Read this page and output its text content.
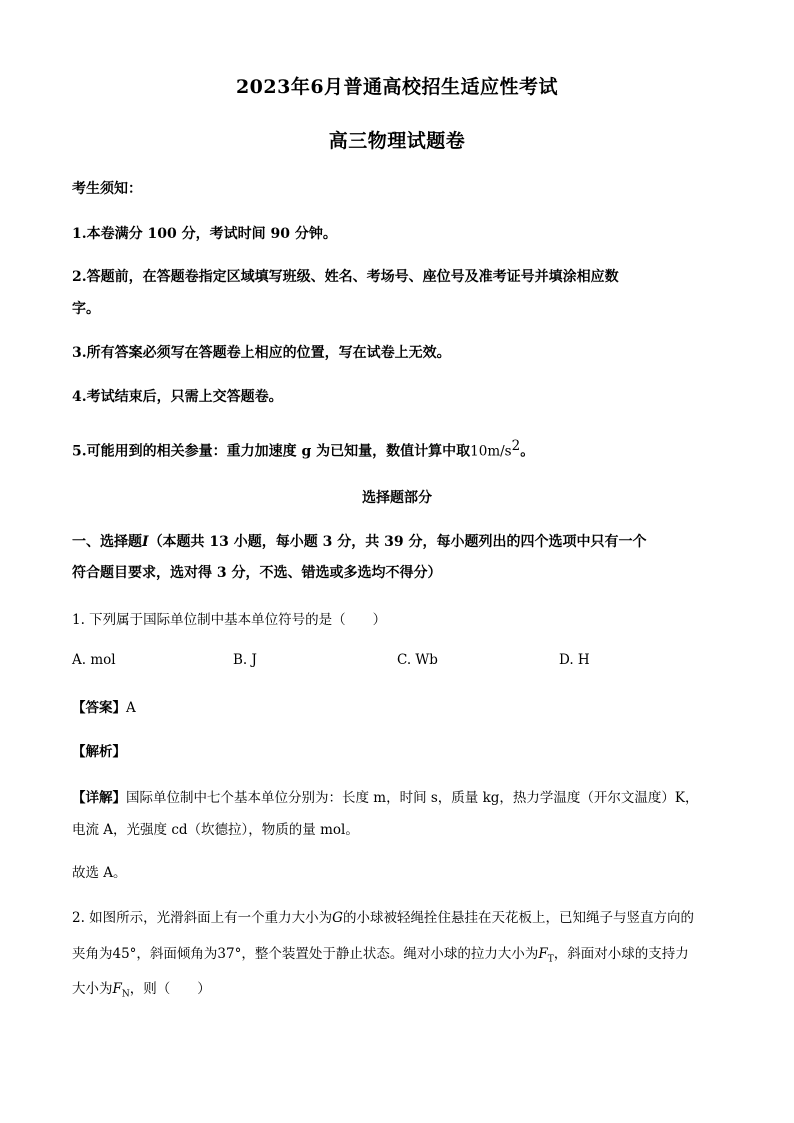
2023年6月普通高校招生适应性考试
高三物理试题卷
考生须知：
1.本卷满分 100 分，考试时间 90 分钟。
2.答题前，在答题卷指定区域填写班级、姓名、考场号、座位号及准考证号并填涂相应数
字。
3.所有答案必须写在答题卷上相应的位置，写在试卷上无效。
4.考试结束后，只需上交答题卷。
5.可能用到的相关参量：重力加速度 g 为已知量，数值计算中取$10m/s^2$。
选择题部分
一、选择题I（本题共 13 小题，每小题 3 分，共 39 分，每小题列出的四个选项中只有一个
符合题目要求，选对得 3 分，不选、错选或多选均不得分）
1. 下列属于国际单位制中基本单位符号的是（　　）
A. mol	B. J	C. Wb	D. H
【答案】A
【解析】
【详解】国际单位制中七个基本单位分别为：长度 m，时间 s，质量 kg，热力学温度（开尔文温度）K，
电流 A，光强度 cd（坎德拉），物质的量 mol。
故选 A。
2. 如图所示，光滑斜面上有一个重力大小为G的小球被轻绳拴住悬挂在天花板上，已知绳子与竖直方向的
夹角为45°，斜面倾角为37°，整个装置处于静止状态。绳对小球的拉力大小为$F_T$，斜面对小球的支持力
大小为$F_N$，则（　　）
